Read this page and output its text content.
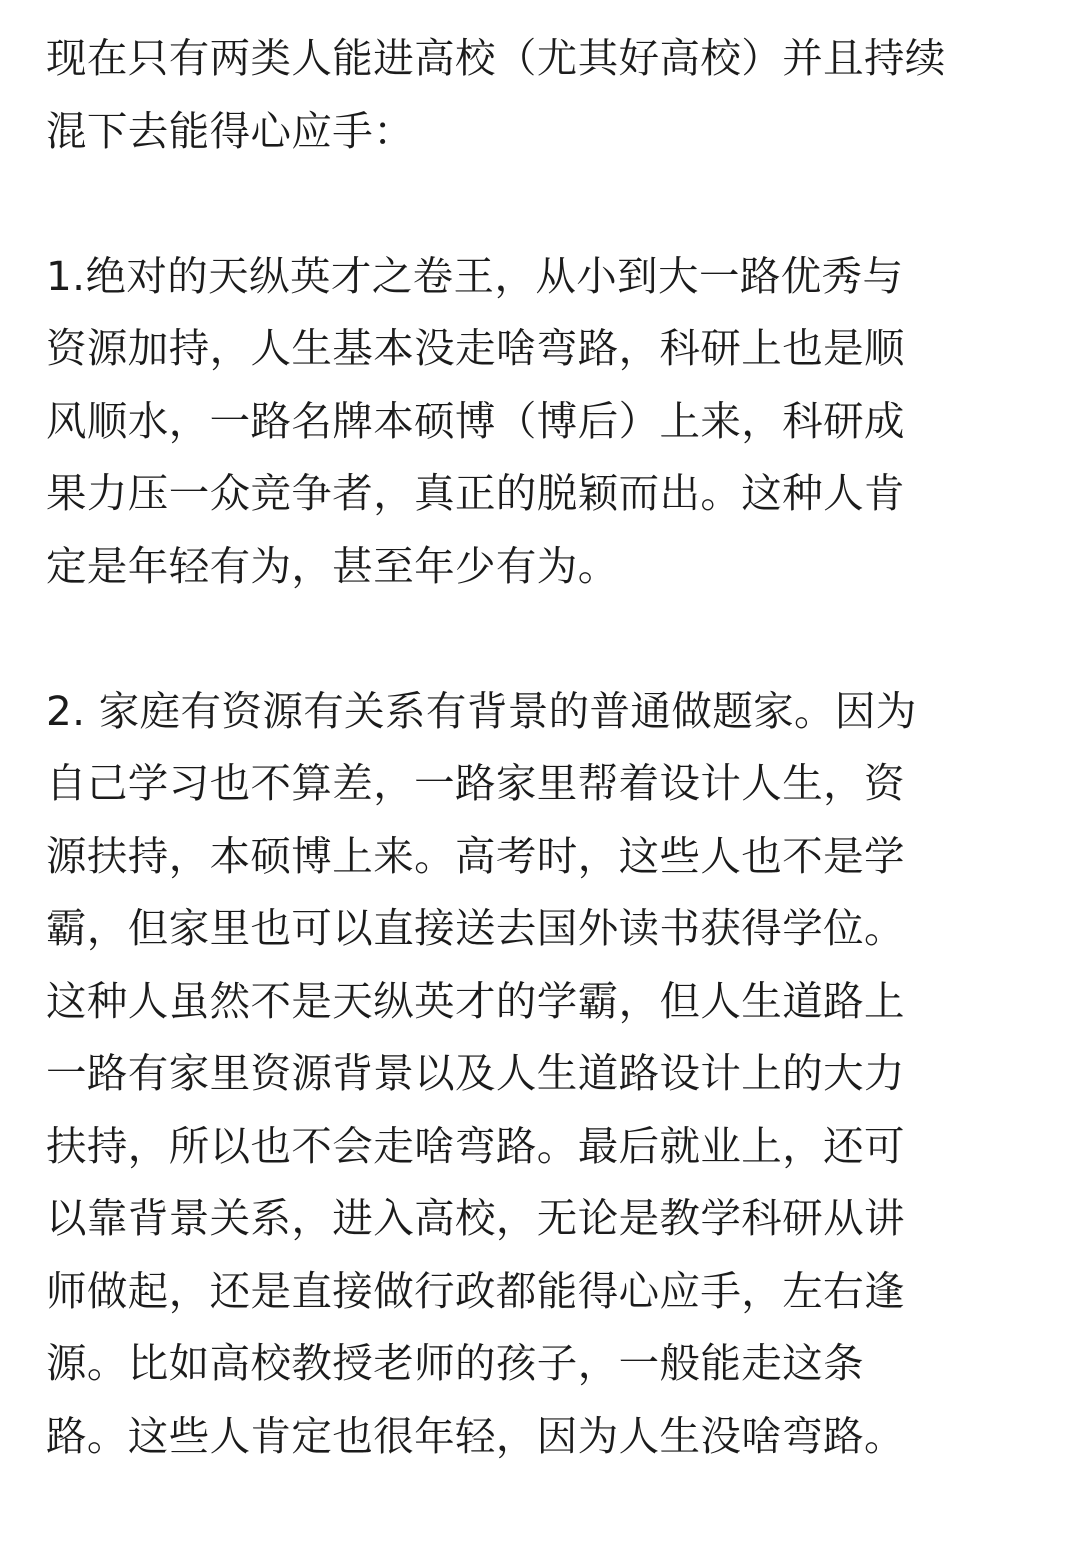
现在只有两类人能进高校（尤其好高校）并且持续
混下去能得心应手：
1.绝对的天纵英才之卷王，从小到大一路优秀与
资源加持，人生基本没走啥弯路，科研上也是顺
风顺水，一路名牌本硕博（博后）上来，科研成
果力压一众竞争者，真正的脱颖而出。这种人肯
定是年轻有为，甚至年少有为。
2. 家庭有资源有关系有背景的普通做题家。因为
自己学习也不算差，一路家里帮着设计人生，资
源扶持，本硕博上来。高考时，这些人也不是学
霸，但家里也可以直接送去国外读书获得学位。
这种人虽然不是天纵英才的学霸，但人生道路上
一路有家里资源背景以及人生道路设计上的大力
扶持，所以也不会走啥弯路。最后就业上，还可
以靠背景关系，进入高校，无论是教学科研从讲
师做起，还是直接做行政都能得心应手，左右逢
源。比如高校教授老师的孩子，一般能走这条
路。这些人肯定也很年轻，因为人生没啥弯路。
